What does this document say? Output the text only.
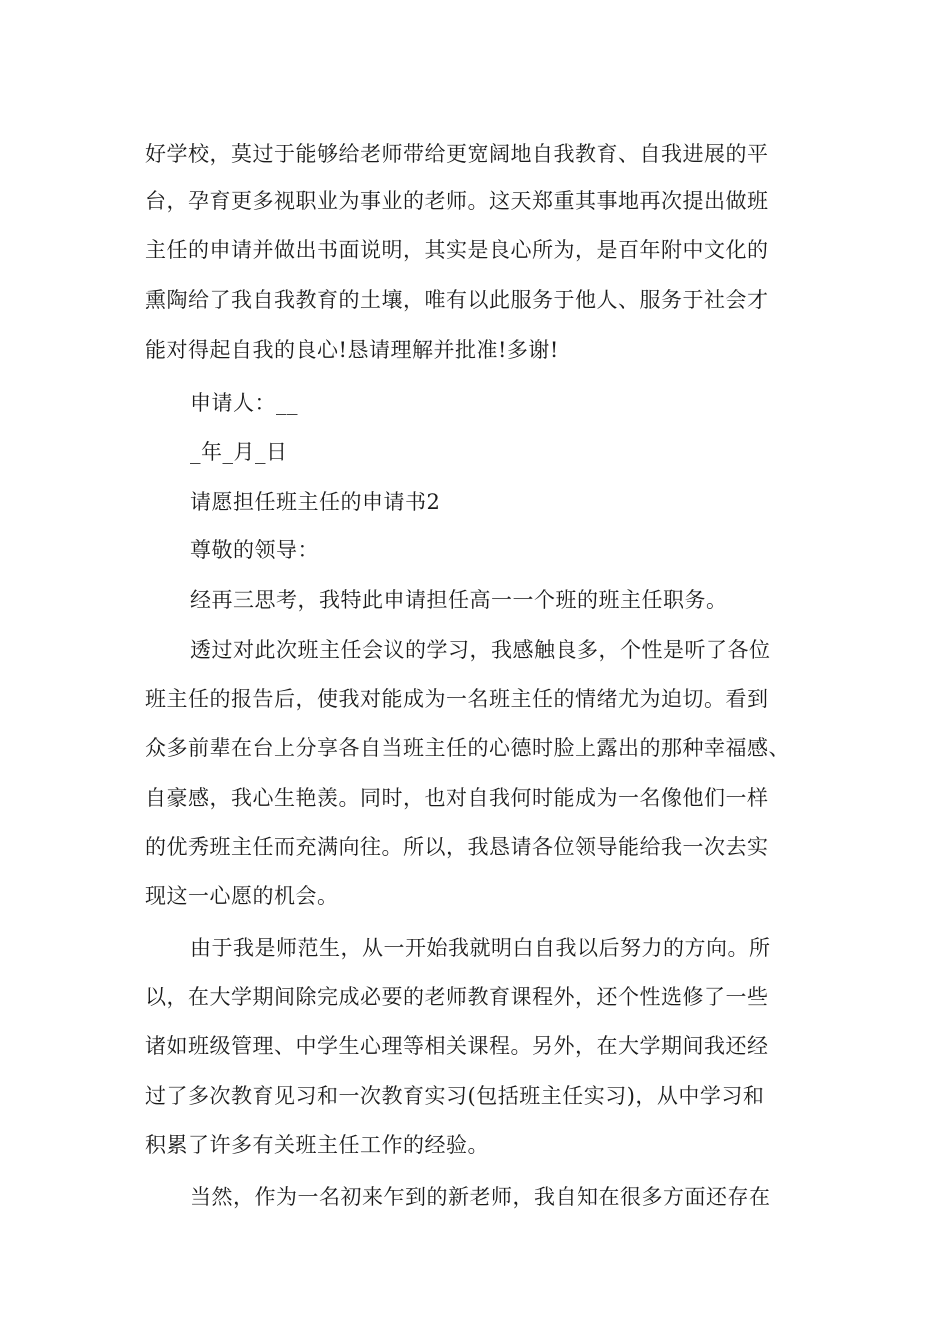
好学校，莫过于能够给老师带给更宽阔地自我教育、自我进展的平
台，孕育更多视职业为事业的老师。这天郑重其事地再次提出做班
主任的申请并做出书面说明，其实是良心所为，是百年附中文化的
熏陶给了我自我教育的土壤，唯有以此服务于他人、服务于社会才
能对得起自我的良心!恳请理解并批准!多谢!
申请人：__
_年_月_日
请愿担任班主任的申请书2
尊敬的领导：
经再三思考，我特此申请担任高一一个班的班主任职务。
透过对此次班主任会议的学习，我感触良多，个性是听了各位
班主任的报告后，使我对能成为一名班主任的情绪尤为迫切。看到
众多前辈在台上分享各自当班主任的心德时脸上露出的那种幸福感、
自豪感，我心生艳羡。同时，也对自我何时能成为一名像他们一样
的优秀班主任而充满向往。所以，我恳请各位领导能给我一次去实
现这一心愿的机会。
由于我是师范生，从一开始我就明白自我以后努力的方向。所
以，在大学期间除完成必要的老师教育课程外，还个性选修了一些
诸如班级管理、中学生心理等相关课程。另外，在大学期间我还经
过了多次教育见习和一次教育实习(包括班主任实习)，从中学习和
积累了许多有关班主任工作的经验。
当然，作为一名初来乍到的新老师，我自知在很多方面还存在
